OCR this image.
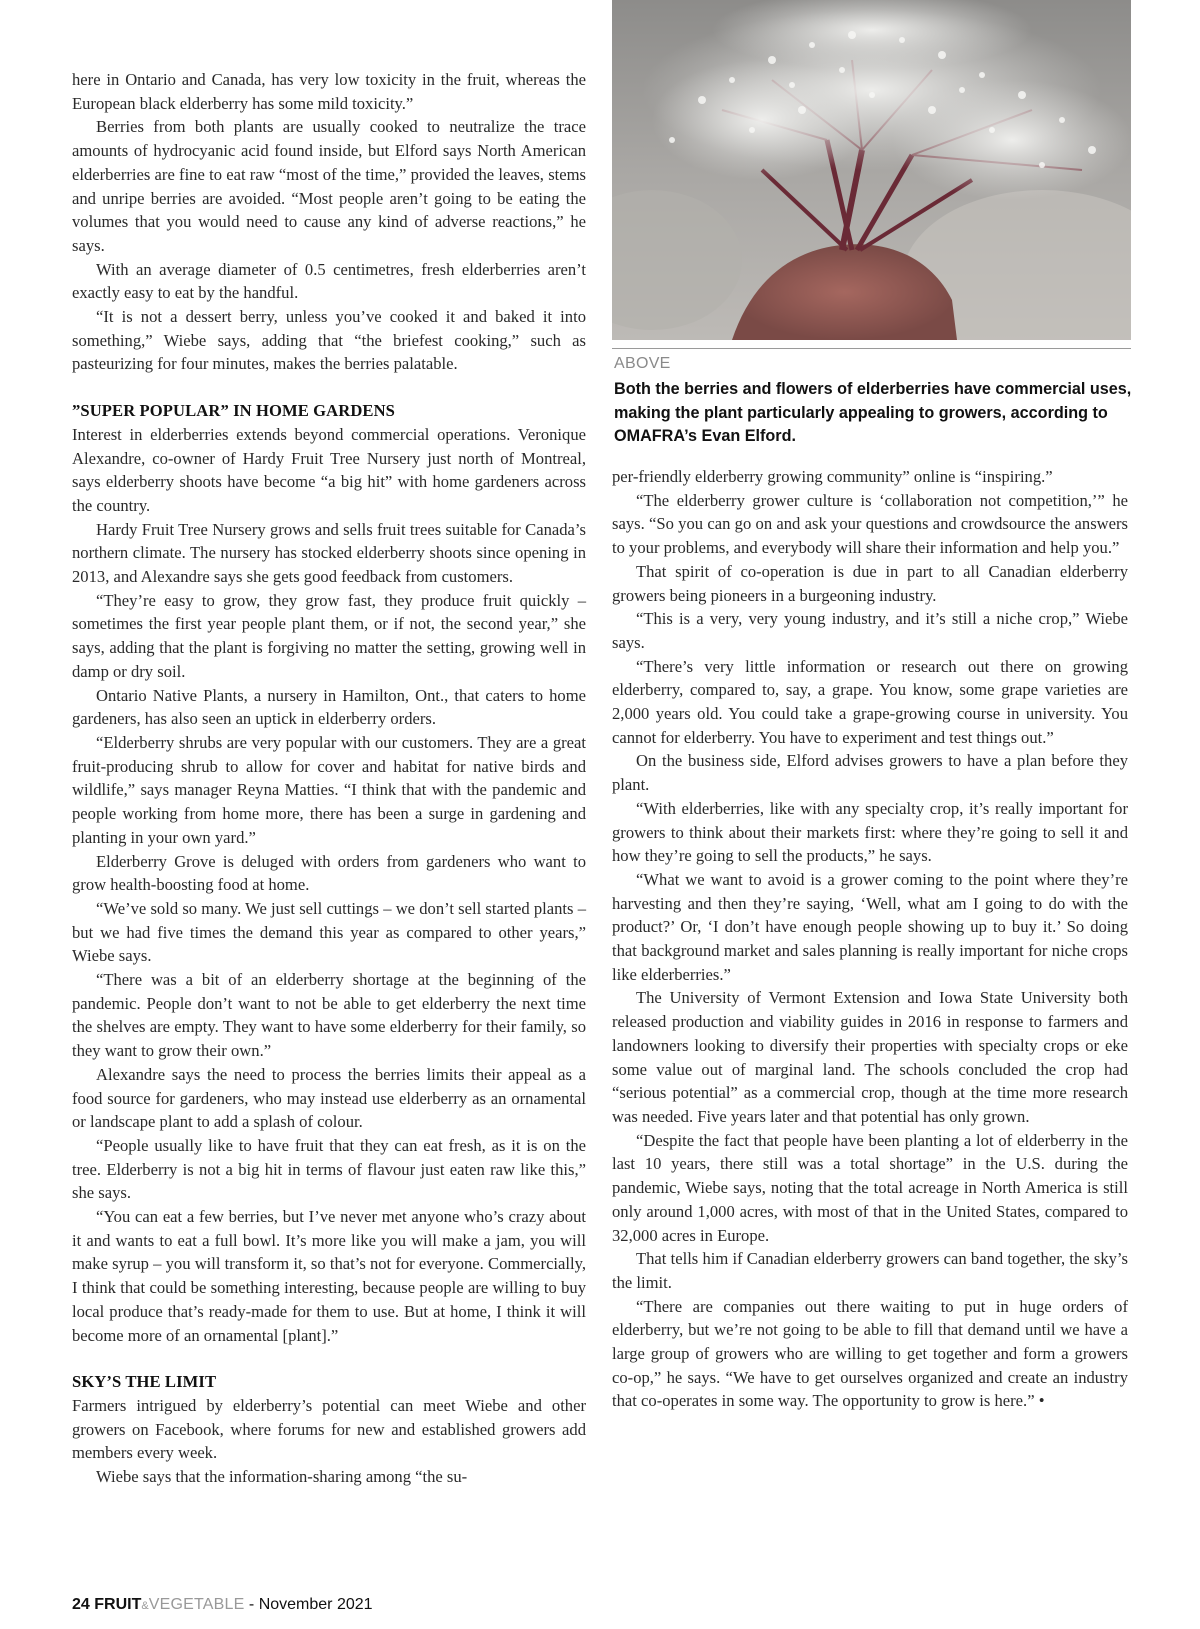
here in Ontario and Canada, has very low toxicity in the fruit, whereas the European black elderberry has some mild toxicity.”

Berries from both plants are usually cooked to neutralize the trace amounts of hydrocyanic acid found inside, but Elford says North American elderberries are fine to eat raw “most of the time,” provided the leaves, stems and unripe berries are avoided. “Most people aren’t going to be eating the volumes that you would need to cause any kind of adverse reactions,” he says.

With an average diameter of 0.5 centimetres, fresh elderberries aren’t exactly easy to eat by the handful.

“It is not a dessert berry, unless you’ve cooked it and baked it into something,” Wiebe says, adding that “the briefest cooking,” such as pasteurizing for four minutes, makes the berries palatable.

”SUPER POPULAR” IN HOME GARDENS

Interest in elderberries extends beyond commercial operations. Veronique Alexandre, co-owner of Hardy Fruit Tree Nursery just north of Montreal, says elderberry shoots have become “a big hit” with home gardeners across the country.

Hardy Fruit Tree Nursery grows and sells fruit trees suitable for Canada’s northern climate. The nursery has stocked elderberry shoots since opening in 2013, and Alexandre says she gets good feedback from customers.

“They’re easy to grow, they grow fast, they produce fruit quickly – sometimes the first year people plant them, or if not, the second year,” she says, adding that the plant is forgiving no matter the setting, growing well in damp or dry soil.

Ontario Native Plants, a nursery in Hamilton, Ont., that caters to home gardeners, has also seen an uptick in elderberry orders.

“Elderberry shrubs are very popular with our customers. They are a great fruit-producing shrub to allow for cover and habitat for native birds and wildlife,” says manager Reyna Matties. “I think that with the pandemic and people working from home more, there has been a surge in gardening and planting in your own yard.”

Elderberry Grove is deluged with orders from gardeners who want to grow health-boosting food at home.

“We’ve sold so many. We just sell cuttings – we don’t sell started plants – but we had five times the demand this year as compared to other years,” Wiebe says.

“There was a bit of an elderberry shortage at the beginning of the pandemic. People don’t want to not be able to get elderberry the next time the shelves are empty. They want to have some elderberry for their family, so they want to grow their own.”

Alexandre says the need to process the berries limits their appeal as a food source for gardeners, who may instead use elderberry as an ornamental or landscape plant to add a splash of colour.

“People usually like to have fruit that they can eat fresh, as it is on the tree. Elderberry is not a big hit in terms of flavour just eaten raw like this,” she says.

“You can eat a few berries, but I’ve never met anyone who’s crazy about it and wants to eat a full bowl. It’s more like you will make a jam, you will make syrup – you will transform it, so that’s not for everyone. Commercially, I think that could be something interesting, because people are willing to buy local produce that’s ready-made for them to use. But at home, I think it will become more of an ornamental [plant].”

SKY’S THE LIMIT

Farmers intrigued by elderberry’s potential can meet Wiebe and other growers on Facebook, where forums for new and established growers add members every week.

Wiebe says that the information-sharing among “the su-

ABOVE
Both the berries and flowers of elderberries have commercial uses, making the plant particularly appealing to growers, according to OMAFRA’s Evan Elford.

per-friendly elderberry growing community” online is “inspiring.”

“The elderberry grower culture is ‘collaboration not competition,’” he says. “So you can go on and ask your questions and crowdsource the answers to your problems, and everybody will share their information and help you.”

That spirit of co-operation is due in part to all Canadian elderberry growers being pioneers in a burgeoning industry.

“This is a very, very young industry, and it’s still a niche crop,” Wiebe says.

“There’s very little information or research out there on growing elderberry, compared to, say, a grape. You know, some grape varieties are 2,000 years old. You could take a grape-growing course in university. You cannot for elderberry. You have to experiment and test things out.”

On the business side, Elford advises growers to have a plan before they plant.

“With elderberries, like with any specialty crop, it’s really important for growers to think about their markets first: where they’re going to sell it and how they’re going to sell the products,” he says.

“What we want to avoid is a grower coming to the point where they’re harvesting and then they’re saying, ‘Well, what am I going to do with the product?’ Or, ‘I don’t have enough people showing up to buy it.’ So doing that background market and sales planning is really important for niche crops like elderberries.”

The University of Vermont Extension and Iowa State University both released production and viability guides in 2016 in response to farmers and landowners looking to diversify their properties with specialty crops or eke some value out of marginal land. The schools concluded the crop had “serious potential” as a commercial crop, though at the time more research was needed. Five years later and that potential has only grown.

“Despite the fact that people have been planting a lot of elderberry in the last 10 years, there still was a total shortage” in the U.S. during the pandemic, Wiebe says, noting that the total acreage in North America is still only around 1,000 acres, with most of that in the United States, compared to 32,000 acres in Europe.

That tells him if Canadian elderberry growers can band together, the sky’s the limit.

“There are companies out there waiting to put in huge orders of elderberry, but we’re not going to be able to fill that demand until we have a large group of growers who are willing to get together and form a growers co-op,” he says. “We have to get ourselves organized and create an industry that co-operates in some way. The opportunity to grow is here.” •

24 FRUIT&VEGETABLE - November 2021
